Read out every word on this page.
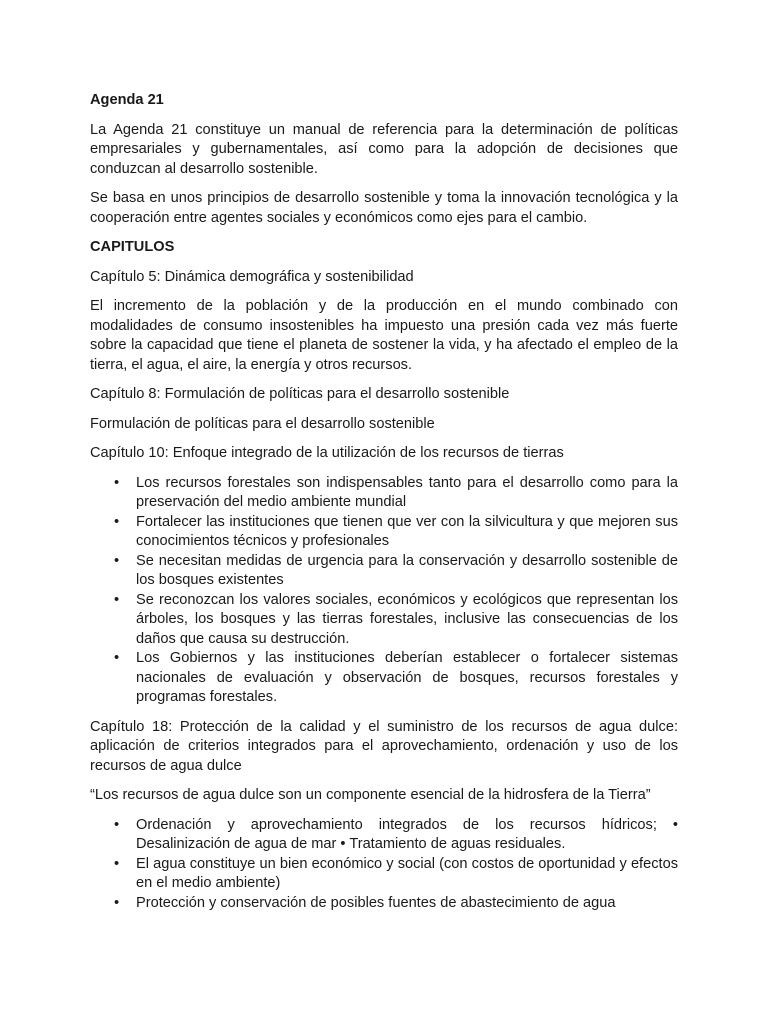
Agenda 21

La Agenda 21 constituye un manual de referencia para la determinación de políticas empresariales y gubernamentales, así como para la adopción de decisiones que conduzcan al desarrollo sostenible.

Se basa en unos principios de desarrollo sostenible y toma la innovación tecnológica y la cooperación entre agentes sociales y económicos como ejes para el cambio.

CAPITULOS

Capítulo 5: Dinámica demográfica y sostenibilidad

El incremento de la población y de la producción en el mundo combinado con modalidades de consumo insostenibles ha impuesto una presión cada vez más fuerte sobre la capacidad que tiene el planeta de sostener la vida, y ha afectado el empleo de la tierra, el agua, el aire, la energía y otros recursos.

Capítulo 8: Formulación de políticas para el desarrollo sostenible

Formulación de políticas para el desarrollo sostenible

Capítulo 10: Enfoque integrado de la utilización de los recursos de tierras

• Los recursos forestales son indispensables tanto para el desarrollo como para la preservación del medio ambiente mundial
• Fortalecer las instituciones que tienen que ver con la silvicultura y que mejoren sus conocimientos técnicos y profesionales
• Se necesitan medidas de urgencia para la conservación y desarrollo sostenible de los bosques existentes
• Se reconozcan los valores sociales, económicos y ecológicos que representan los árboles, los bosques y las tierras forestales, inclusive las consecuencias de los daños que causa su destrucción.
• Los Gobiernos y las instituciones deberían establecer o fortalecer sistemas nacionales de evaluación y observación de bosques, recursos forestales y programas forestales.

Capítulo 18: Protección de la calidad y el suministro de los recursos de agua dulce: aplicación de criterios integrados para el aprovechamiento, ordenación y uso de los recursos de agua dulce

“Los recursos de agua dulce son un componente esencial de la hidrosfera de la Tierra”

• Ordenación y aprovechamiento integrados de los recursos hídricos; • Desalinización de agua de mar • Tratamiento de aguas residuales.
• El agua constituye un bien económico y social (con costos de oportunidad y efectos en el medio ambiente)
• Protección y conservación de posibles fuentes de abastecimiento de agua
